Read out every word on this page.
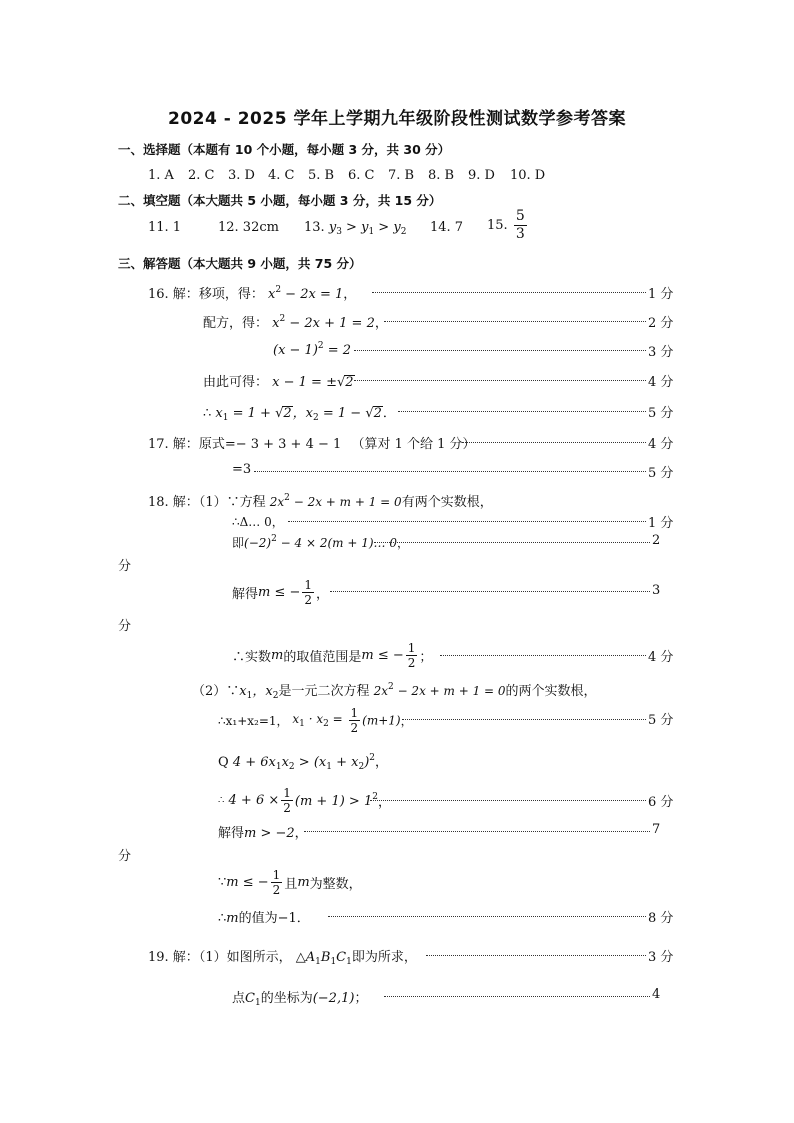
2024 - 2025 学年上学期九年级阶段性测试数学参考答案
一、选择题（本题有 10 个小题，每小题 3 分，共 30 分）
1. A 2. C 3. D 4. C 5. B 6. C 7. B 8. B 9. D 10. D
二、填空题（本大题共 5 小题，每小题 3 分，共 15 分）
11. 1	12. 32cm 13. $y_3 > y_1 > y_2$ 14. 7 15. $\frac{5}{3}$
三、解答题（本大题共 9 小题，共 75 分）
16. 解：移项，得： $x^2 - 2x = 1$，	1 分
配方，得： $x^2 - 2x + 1 = 2$，	2 分
$(x - 1)^2 = 2$	3 分
由此可得： x − 1 = ±√2	4 分
∴ $x_1 = 1 + √2$，$x_2 = 1 - √2$．	5 分
17. 解：原式=− 3 + 3 + 4 − 1 （算对 1 个给 1 分）	4 分
=3	5 分
18. 解：（1）∵方程 $2x^2 - 2x + m + 1 = 0$有两个实数根，
∴Δ… 0，	1 分
即$(-2)^2 - 4 \times 2(m$ + 1)… 0，	2
分
解得m ≤ − $\frac{1}{2}$ ，	3
分
∴实数m的取值范围是m ≤ − $\frac{1}{2}$ ；	4 分
$(2)\because x_1$，$x_2$是一元二次方程 $2x^2 - 2x + m + 1 = 0$的两个实数根，
∴x₁+x₂=1， $x_1 \cdot x_2 = \frac{1}{2} (m+1)$，	5 分
Q $4 + 6x_1x_2 > (x_1 + x_2)^2$，
∴ $4 + 6 \times \frac{1}{2} (m + 1) > 1^2$，	6 分
解得m > −2，	7
分
∵m ≤ − $\frac{1}{2}$ 且m为整数，
∴m的值为−1．	8 分
19. 解：（1）如图所示， $\triangle A_1B_1C_1$即为所求，	3 分
点$C_1$的坐标为(−2,1)；	4
